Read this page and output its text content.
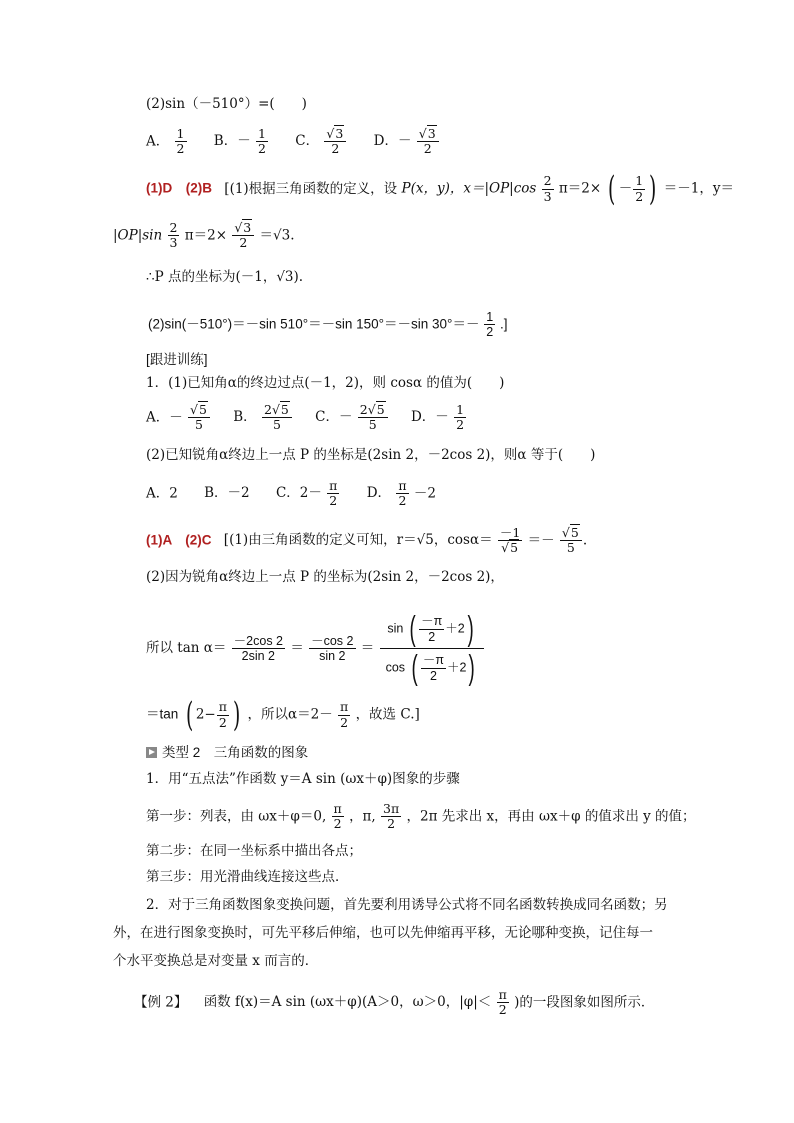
(2)sin（－510°）=(　　)
A． $\frac{1}{2}$ B．－ $\frac{1}{2}$ C． $\frac{√3}{2}$ D．－ $\frac{√3}{2}$
(1)D　(2)B [(1)根据三角函数的定义，设 P(x，y)，$x=|OP|\cos \frac{2}{3} \pi=2\times$ ( － $\frac{1}{2}$ ) ＝－1，y＝
$|OP|\sin \frac{2}{3} \pi=2\times \frac{√3}{2} =√3$.
∴P 点的坐标为(－1，√3).
(2)sin(－510°)＝－sin 510°＝－sin 150°＝－sin $30^\circ=- \frac{1}{2}$ .]
[跟进训练]
1．(1)已知角α的终边过点(－1，2)，则 cosα 的值为(　　)
A．－ $\frac{√5}{5}$ B． $\frac{2√5}{5}$ C．－ $\frac{2√5}{5}$ D．－ $\frac{1}{2}$
(2)已知锐角α终边上一点 P 的坐标是(2sin 2，－2cos 2)，则α 等于(　　)
A．2 B．－2 C．$2- \frac{\pi}{2}$ D． $\frac{\pi}{2} -2$
(1)A　(2)C [(1)由三角函数的定义可知，r＝√5，$\cos\alpha= \frac{-1}{√5} =- \frac{√5}{5}$ .
(2)因为锐角α终边上一点 P 的坐标为(2sin 2，－2cos 2)，
所以 $\tan \alpha= \frac{-2\cos 2}{2\sin 2} = \frac{-\cos 2}{\sin 2} = \frac{\sin ( \frac{-\pi}{2} +2)}{\cos ( \frac{-\pi}{2} +2)}$
＝tan ( $2- \frac{\pi}{2}$ ) ，所以$\alpha=2- \frac{\pi}{2}$ ，故选 C.]
类型 2　三角函数的图象
1．用“五点法”作函数 y＝A sin (ωx＋φ)图象的步骤
第一步：列表，由 ωx＋φ＝0, $\frac{\pi}{2}$ ，π, $\frac{3\pi}{2}$ ，2π 先求出 x，再由 ωx＋φ 的值求出 y 的值；
第二步：在同一坐标系中描出各点；
第三步：用光滑曲线连接这些点．
2．对于三角函数图象变换问题，首先要利用诱导公式将不同名函数转换成同名函数；另
外，在进行图象变换时，可先平移后伸缩，也可以先伸缩再平移，无论哪种变换，记住每一
个水平变换总是对变量 x 而言的．
【例 2】 函数 f(x)＝A sin (ωx＋φ)(A＞0，ω＞0，$|\varphi|< \frac{\pi}{2}$ )的一段图象如图所示．
